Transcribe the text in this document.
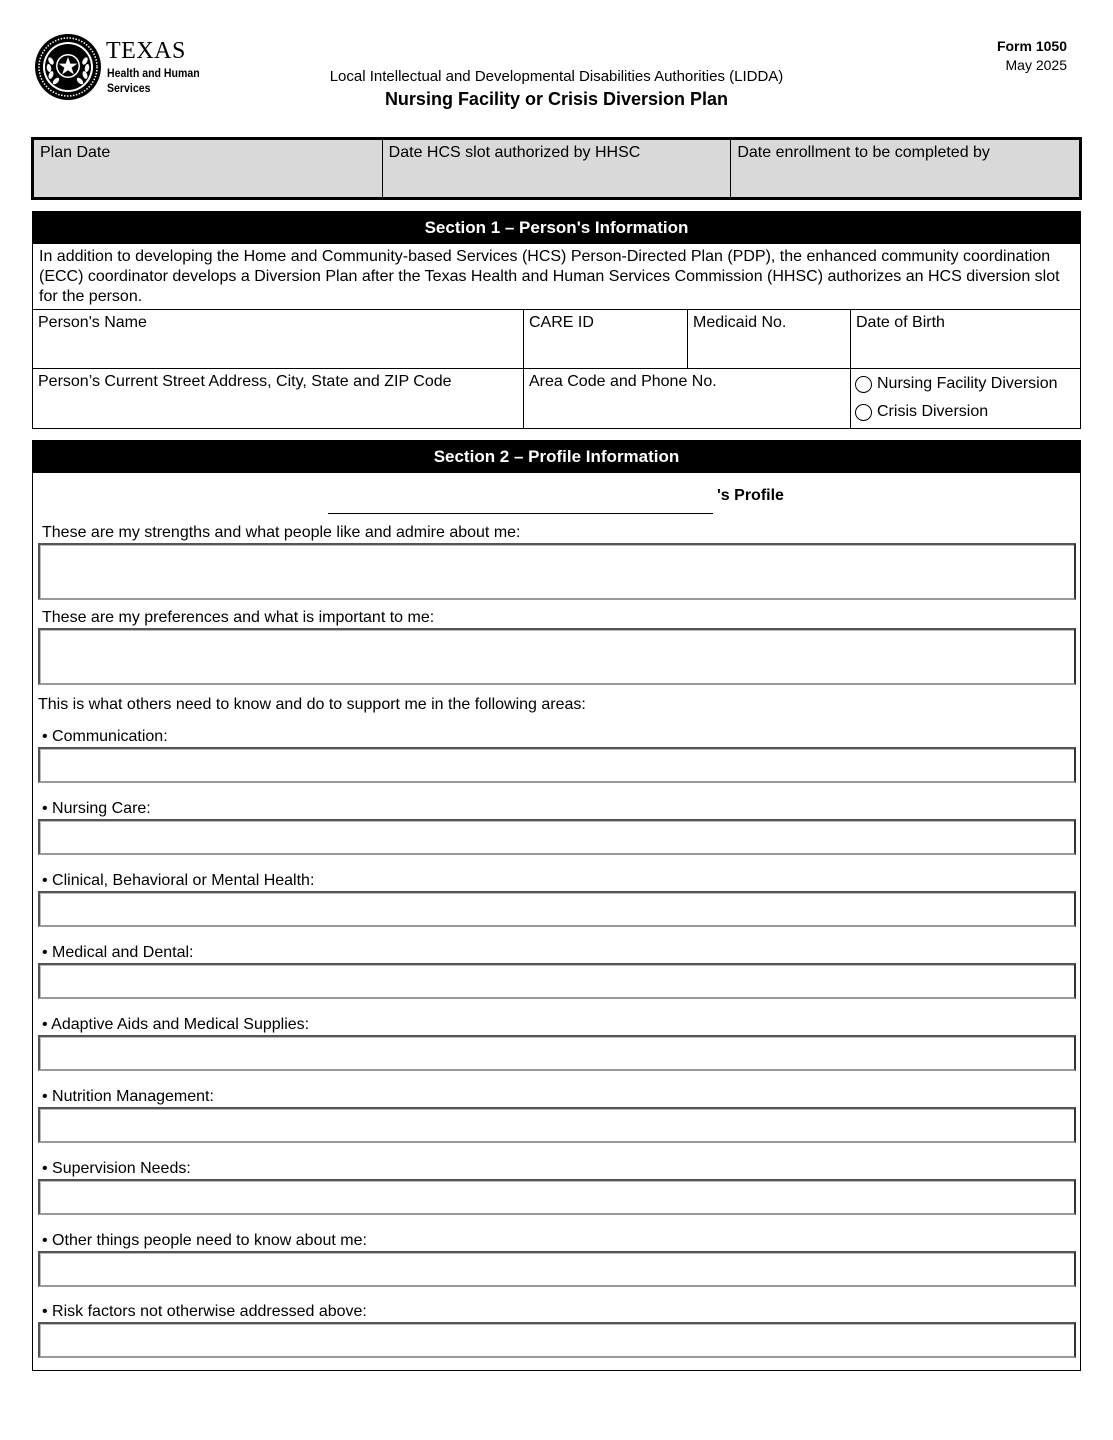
TEXAS
Health and Human
Services
Local Intellectual and Developmental Disabilities Authorities (LIDDA)
Nursing Facility or Crisis Diversion Plan
Form 1050
May 2025
Plan Date	Date HCS slot authorized by HHSC	Date enrollment to be completed by
Section 1 – Person's Information
In addition to developing the Home and Community-based Services (HCS) Person-Directed Plan (PDP), the enhanced community coordination (ECC) coordinator develops a Diversion Plan after the Texas Health and Human Services Commission (HHSC) authorizes an HCS diversion slot for the person.
Person's Name	CARE ID	Medicaid No.	Date of Birth
Person’s Current Street Address, City, State and ZIP Code	Area Code and Phone No.	Nursing Facility Diversion
Crisis Diversion
Section 2 – Profile Information
's Profile
These are my strengths and what people like and admire about me:
These are my preferences and what is important to me:
This is what others need to know and do to support me in the following areas:
• Communication:
• Nursing Care:
• Clinical, Behavioral or Mental Health:
• Medical and Dental:
• Adaptive Aids and Medical Supplies:
• Nutrition Management:
• Supervision Needs:
• Other things people need to know about me:
• Risk factors not otherwise addressed above:
